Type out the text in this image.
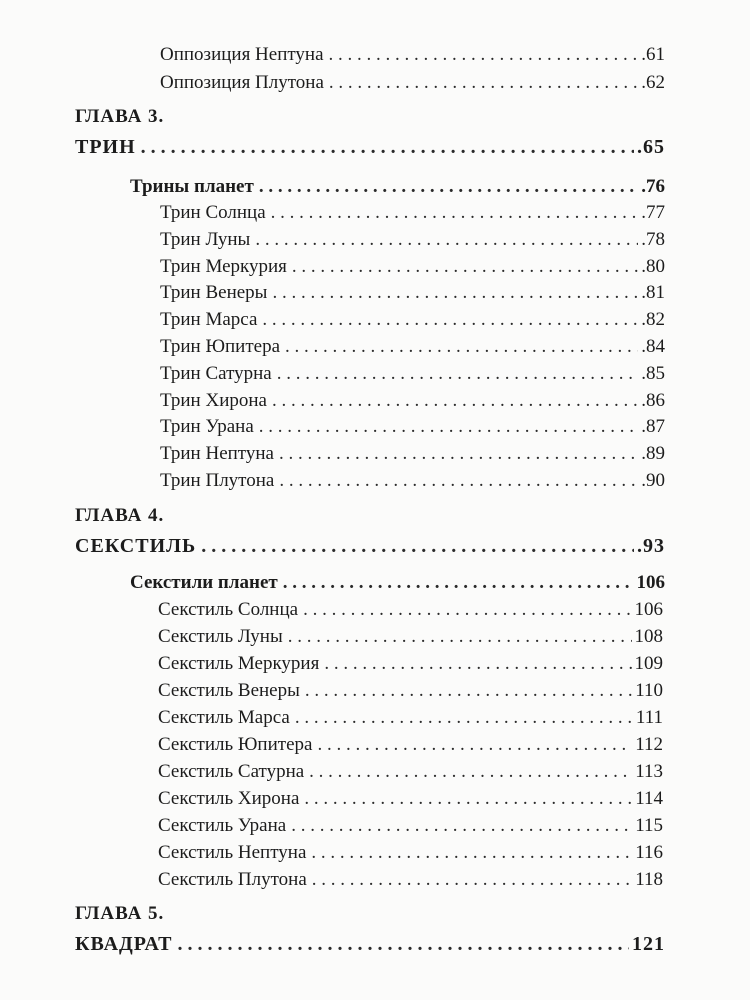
Оппозиция Нептуна . . .	.61
Оппозиция Плутона . . .	.62
ГЛАВА 3.
ТРИН . . .	.65
Трины планет . . .	.76
Трин Солнца . . .	.77
Трин Луны . . .	.78
Трин Меркурия . . .	.80
Трин Венеры . . .	.81
Трин Марса . . .	.82
Трин Юпитера . . .	.84
Трин Сатурна . . .	.85
Трин Хирона . . .	.86
Трин Урана . . .	.87
Трин Нептуна . . .	.89
Трин Плутона . . .	.90
ГЛАВА 4.
СЕКСТИЛЬ . . .	.93
Секстили планет . . .	106
Секстиль Солнца . . .	106
Секстиль Луны . . .	108
Секстиль Меркурия . . .	109
Секстиль Венеры . . .	110
Секстиль Марса . . .	111
Секстиль Юпитера . . .	112
Секстиль Сатурна . . .	113
Секстиль Хирона . . .	114
Секстиль Урана . . .	115
Секстиль Нептуна . . .	116
Секстиль Плутона . . .	118
ГЛАВА 5.
КВАДРАТ . . .	121
